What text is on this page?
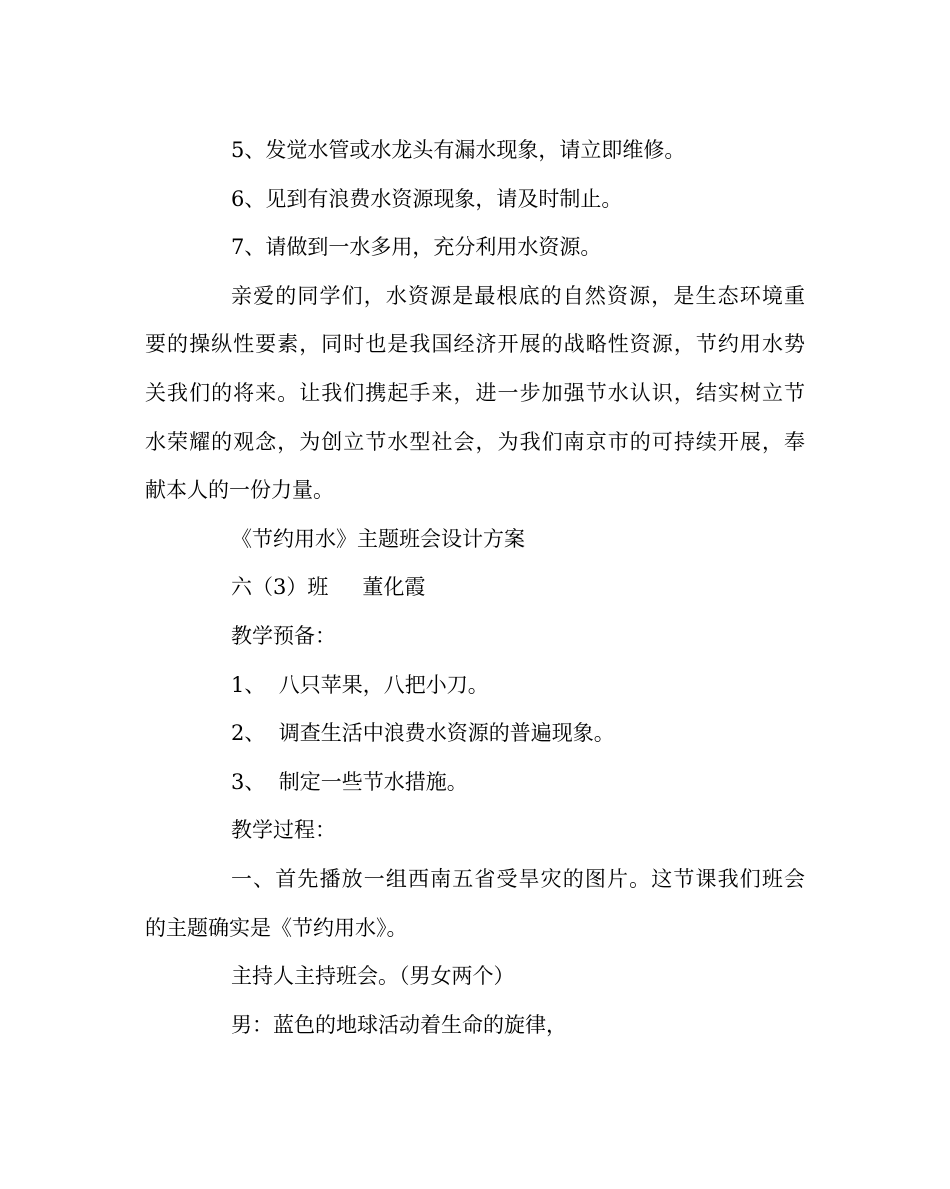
5、发觉水管或水龙头有漏水现象，请立即维修。
6、见到有浪费水资源现象，请及时制止。
7、请做到一水多用，充分利用水资源。
亲爱的同学们，水资源是最根底的自然资源，是生态环境重
要的操纵性要素，同时也是我国经济开展的战略性资源，节约用水势
关我们的将来。让我们携起手来，进一步加强节水认识，结实树立节
水荣耀的观念，为创立节水型社会，为我们南京市的可持续开展，奉
献本人的一份力量。
《节约用水》主题班会设计方案
六（3）班 董化霞
教学预备：
1、  八只苹果，八把小刀。
2、  调查生活中浪费水资源的普遍现象。
3、  制定一些节水措施。
教学过程：
一、首先播放一组西南五省受旱灾的图片。这节课我们班会
的主题确实是《节约用水》。
主持人主持班会。（男女两个）
男：蓝色的地球活动着生命的旋律，
